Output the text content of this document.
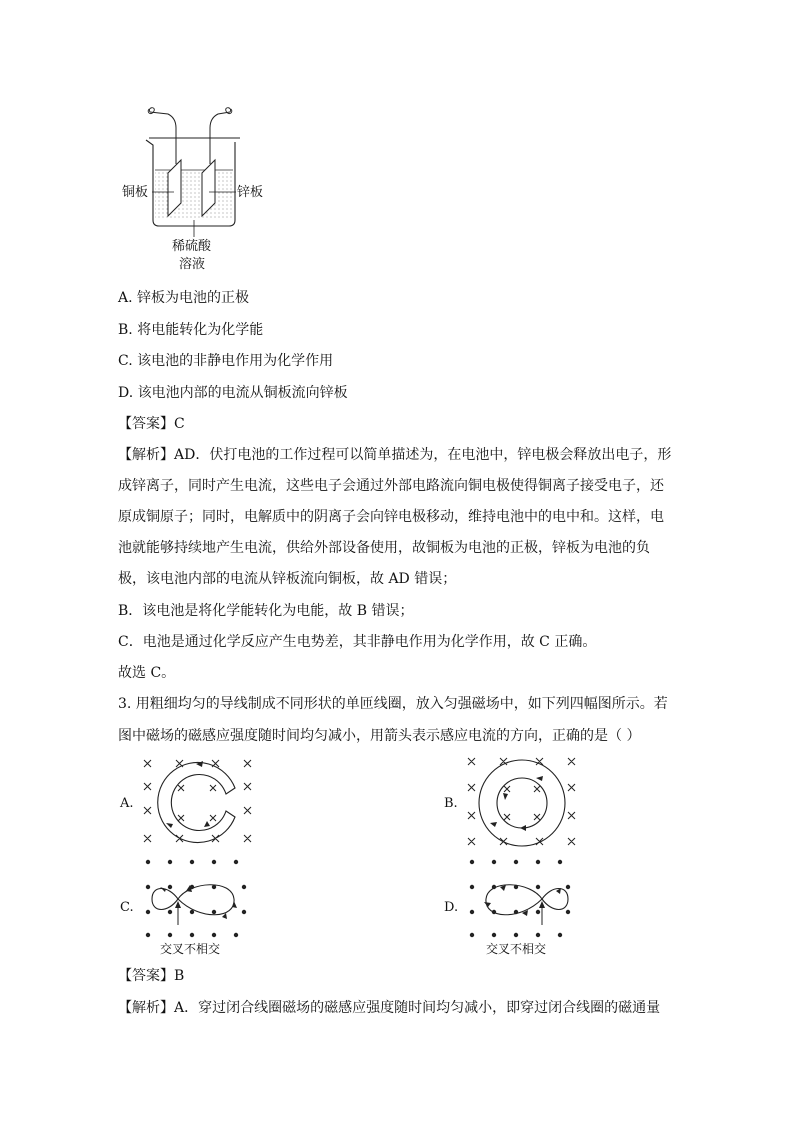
铜板	锌板
稀硫酸
溶液
A. 锌板为电池的正极
B. 将电能转化为化学能
C. 该电池的非静电作用为化学作用
D. 该电池内部的电流从铜板流向锌板
【答案】C
【解析】AD．伏打电池的工作过程可以简单描述为，在电池中，锌电极会释放出电子，形
成锌离子，同时产生电流，这些电子会通过外部电路流向铜电极使得铜离子接受电子，还
原成铜原子；同时，电解质中的阴离子会向锌电极移动，维持电池中的电中和。这样，电
池就能够持续地产生电流，供给外部设备使用，故铜板为电池的正极，锌板为电池的负
极，该电池内部的电流从锌板流向铜板，故 AD 错误；
B．该电池是将化学能转化为电能，故 B 错误；
C．电池是通过化学反应产生电势差，其非静电作用为化学作用，故 C 正确。
故选 C。
3. 用粗细均匀的导线制成不同形状的单匝线圈，放入匀强磁场中，如下列四幅图所示。若
图中磁场的磁感应强度随时间均匀减小，用箭头表示感应电流的方向，正确的是（ ）
A.	B.
C.
交叉不相交
D.
交叉不相交
【答案】B
【解析】A．穿过闭合线圈磁场的磁感应强度随时间均匀减小，即穿过闭合线圈的磁通量
